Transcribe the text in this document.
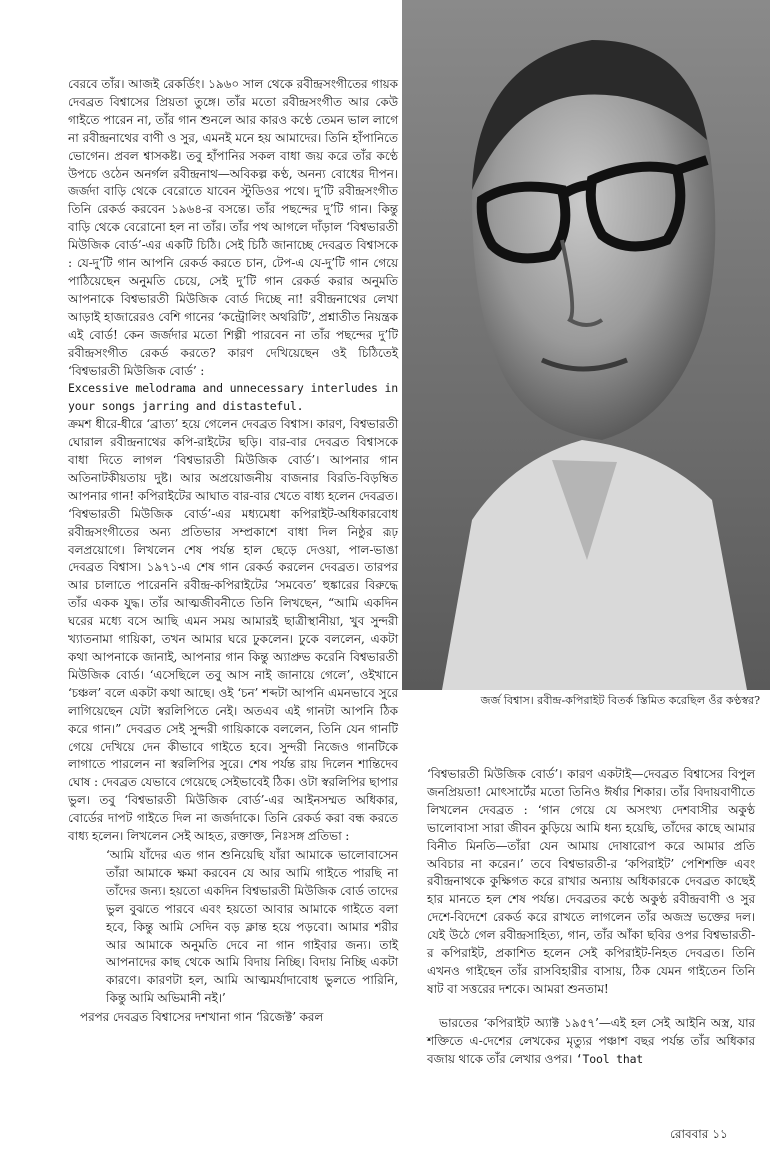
বেরবে তাঁর। আজই রেকর্ডিং। ১৯৬০ সাল থেকে রবীন্দ্রসংগীতের গায়ক দেবব্রত বিশ্বাসের প্রিয়তা তুঙ্গে। তাঁর মতো রবীন্দ্রসংগীত আর কেউ গাইতে পারেন না, তাঁর গান শুনলে আর কারও কণ্ঠে তেমন ভাল লাগে না রবীন্দ্রনাথের বাণী ও সুর, এমনই মনে হয় আমাদের। তিনি হাঁপানিতে ভোগেন। প্রবল শ্বাসকষ্ট। তবু হাঁপানির সকল বাধা জয় করে তাঁর কণ্ঠে উপচে ওঠেন অনর্গল রবীন্দ্রনাথ—অবিকল্প কণ্ঠ, অনন্য বোধের দীপন। জর্জদা বাড়ি থেকে বেরোতে যাবেন স্টুডিওর পথে। দু’টি রবীন্দ্রসংগীত তিনি রেকর্ড করবেন ১৯৬৪-র বসন্তে। তাঁর পছন্দের দু’টি গান। কিন্তু বাড়ি থেকে বেরোনো হল না তাঁর। তাঁর পথ আগলে দাঁড়াল ‘বিশ্বভারতী মিউজিক বোর্ড’-এর একটি চিঠি। সেই চিঠি জানাচ্ছে দেবব্রত বিশ্বাসকে : যে-দু’টি গান আপনি রেকর্ড করতে চান, টেপ-এ যে-দু’টি গান গেয়ে পাঠিয়েছেন অনুমতি চেয়ে, সেই দু’টি গান রেকর্ড করার অনুমতি আপনাকে বিশ্বভারতী মিউজিক বোর্ড দিচ্ছে না! রবীন্দ্রনাথের লেখা আড়াই হাজারেরও বেশি গানের ‘কন্ট্রোলিং অথরিটি’, প্রশ্নাতীত নিয়ন্ত্রক এই বোর্ড! কেন জর্জদার মতো শিল্পী পারবেন না তাঁর পছন্দের দু’টি রবীন্দ্রসংগীত রেকর্ড করতে? কারণ দেখিয়েছেন ওই চিঠিতেই ‘বিশ্বভারতী মিউজিক বোর্ড’ :

Excessive melodrama and unnecessary interludes in your songs jarring and distasteful.

ক্রমশ ধীরে-ধীরে ‘ব্রাত্য’ হয়ে গেলেন দেবব্রত বিশ্বাস। কারণ, বিশ্বভারতী ঘোরাল রবীন্দ্রনাথের কপি-রাইটের ছড়ি। বার-বার দেবব্রত বিশ্বাসকে বাধা দিতে লাগল ‘বিশ্বভারতী মিউজিক বোর্ড’। আপনার গান অতিনাটকীয়তায় দুষ্ট। আর অপ্রয়োজনীয় বাজনার বিরতি-বিড়ম্বিত আপনার গান! কপিরাইটের আঘাত বার-বার খেতে বাধ্য হলেন দেবব্রত। ‘বিশ্বভারতী মিউজিক বোর্ড’-এর মধ্যমেধা কপিরাইট-অধিকারবোধ রবীন্দ্রসংগীতের অন্য প্রতিভার সম্প্রকাশে বাধা দিল নিষ্ঠুর রূঢ় বলপ্রয়োগে। লিখলেন শেষ পর্যন্ত হাল ছেড়ে দেওয়া, পাল-ভাঙা দেবব্রত বিশ্বাস। ১৯৭১-এ শেষ গান রেকর্ড করলেন দেবব্রত। তারপর আর চালাতে পারেননি রবীন্দ্র-কপিরাইটের ‘সমবেত’ হুঙ্কারের বিরুদ্ধে তাঁর একক যুদ্ধ। তাঁর আত্মজীবনীতে তিনি লিখছেন, “আমি একদিন ঘরের মধ্যে বসে আছি এমন সময় আমারই ছাত্রীস্থানীয়া, খুব সুন্দরী খ্যাতনামা গায়িকা, তখন আমার ঘরে ঢুকলেন। ঢুকে বললেন, একটা কথা আপনাকে জানাই, আপনার গান কিন্তু অ্যাপ্রুভ করেনি বিশ্বভারতী মিউজিক বোর্ড। ‘এসেছিলে তবু আস নাই জানায়ে গেলে’, ওইখানে ‘চঞ্চল’ বলে একটা কথা আছে। ওই ‘চন’ শব্দটা আপনি এমনভাবে সুরে লাগিয়েছেন যেটা স্বরলিপিতে নেই। অতএব এই গানটা আপনি ঠিক করে গান।” দেবব্রত সেই সুন্দরী গায়িকাকে বললেন, তিনি যেন গানটি গেয়ে দেখিয়ে দেন কীভাবে গাইতে হবে। সুন্দরী নিজেও গানটিকে লাগাতে পারলেন না স্বরলিপির সুরে। শেষ পর্যন্ত রায় দিলেন শান্তিদেব ঘোষ : দেবব্রত যেভাবে গেয়েছে সেইভাবেই ঠিক। ওটা স্বরলিপির ছাপার ভুল। তবু ‘বিশ্বভারতী মিউজিক বোর্ড’-এর আইনসম্মত অধিকার, বোর্ডের দাপট গাইতে দিল না জর্জদাকে। তিনি রেকর্ড করা বন্ধ করতে বাধ্য হলেন। লিখলেন সেই আহত, রক্তাক্ত, নিঃসঙ্গ প্রতিভা :

‘আমি যাঁদের এত গান শুনিয়েছি যাঁরা আমাকে ভালোবাসেন তাঁরা আমাকে ক্ষমা করবেন যে আর আমি গাইতে পারছি না তাঁদের জন্য। হয়তো একদিন বিশ্বভারতী মিউজিক বোর্ড তাদের ভুল বুঝতে পারবে এবং হয়তো আবার আমাকে গাইতে বলা হবে, কিন্তু আমি সেদিন বড় ক্লান্ত হয়ে পড়বো। আমার শরীর আর আমাকে অনুমতি দেবে না গান গাইবার জন্য। তাই আপনাদের কাছ থেকে আমি বিদায় নিচ্ছি। বিদায় নিচ্ছি একটা কারণে। কারণটা হল, আমি আত্মমর্যাদাবোধ ভুলতে পারিনি, কিন্তু আমি অভিমানী নই।’

পরপর দেবব্রত বিশ্বাসের দশখানা গান ‘রিজেক্ট’ করল

জর্জ বিশ্বাস। রবীন্দ্র-কপিরাইট বিতর্ক স্তিমিত করেছিল ওঁর কণ্ঠস্বর?

‘বিশ্বভারতী মিউজিক বোর্ড’। কারণ একটাই—দেবব্রত বিশ্বাসের বিপুল জনপ্রিয়তা! মোৎসার্টের মতো তিনিও ঈর্ষার শিকার। তাঁর বিদায়বাণীতে লিখলেন দেবব্রত : ‘গান গেয়ে যে অসংখ্য দেশবাসীর অকুণ্ঠ ভালোবাসা সারা জীবন কুড়িয়ে আমি ধন্য হয়েছি, তাঁদের কাছে আমার বিনীত মিনতি—তাঁরা যেন আমায় দোষারোপ করে আমার প্রতি অবিচার না করেন।’ তবে বিশ্বভারতী-র ‘কপিরাইট’ পেশিশক্তি এবং রবীন্দ্রনাথকে কুক্ষিগত করে রাখার অন্যায় অধিকারকে দেবব্রত কাছেই হার মানতে হল শেষ পর্যন্ত। দেবব্রতর কণ্ঠে অকুণ্ঠ রবীন্দ্রবাণী ও সুর দেশে-বিদেশে রেকর্ড করে রাখতে লাগলেন তাঁর অজস্র ভক্তের দল। যেই উঠে গেল রবীন্দ্রসাহিত্য, গান, তাঁর আঁকা ছবির ওপর বিশ্বভারতী-র কপিরাইট, প্রকাশিত হলেন সেই কপিরাইট-নিহত দেবব্রত। তিনি এখনও গাইছেন তাঁর রাসবিহারীর বাসায়, ঠিক যেমন গাইতেন তিনি ষাট বা সত্তরের দশকে। আমরা শুনতাম!

ভারতের ‘কপিরাইট অ্যাক্ট ১৯৫৭’—এই হল সেই আইনি অস্ত্র, যার শক্তিতে এ-দেশের লেখকের মৃত্যুর পঞ্চাশ বছর পর্যন্ত তাঁর অধিকার বজায় থাকে তাঁর লেখার ওপর। ‘Tool that

রোববার ১১
